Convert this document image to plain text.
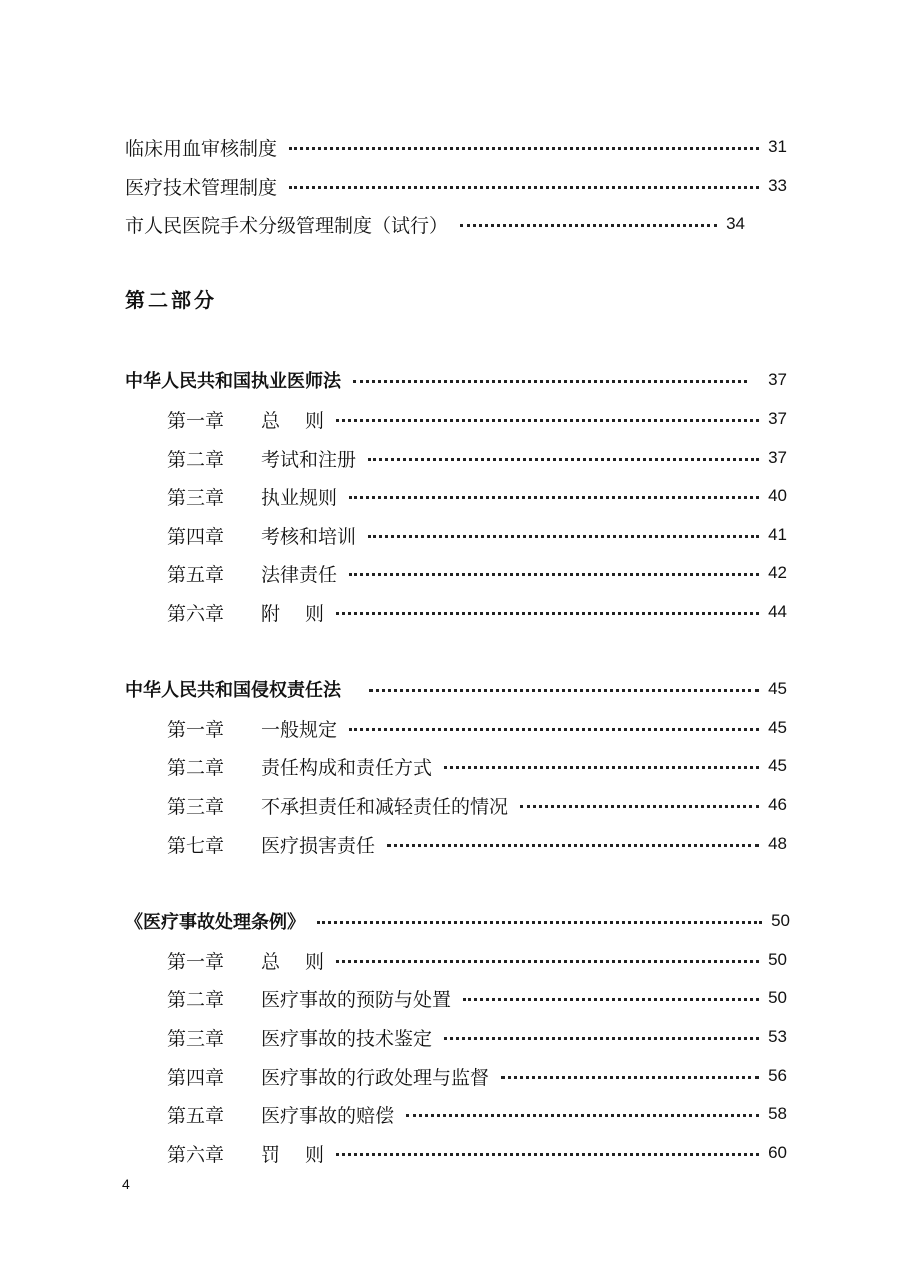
临床用血审核制度	31
医疗技术管理制度	33
市人民医院手术分级管理制度（试行）	34
第二部分
中华人民共和国执业医师法	37
第一章	总　 则	37
第二章	考试和注册	37
第三章	执业规则	40
第四章	考核和培训	41
第五章	法律责任	42
第六章	附　 则	44
中华人民共和国侵权责任法	45
第一章	一般规定	45
第二章	责任构成和责任方式	45
第三章	不承担责任和减轻责任的情况	46
第七章	医疗损害责任	48
《医疗事故处理条例》	50
第一章	总　 则	50
第二章	医疗事故的预防与处置	50
第三章	医疗事故的技术鉴定	53
第四章	医疗事故的行政处理与监督	56
第五章	医疗事故的赔偿	58
第六章	罚　 则	60
4
